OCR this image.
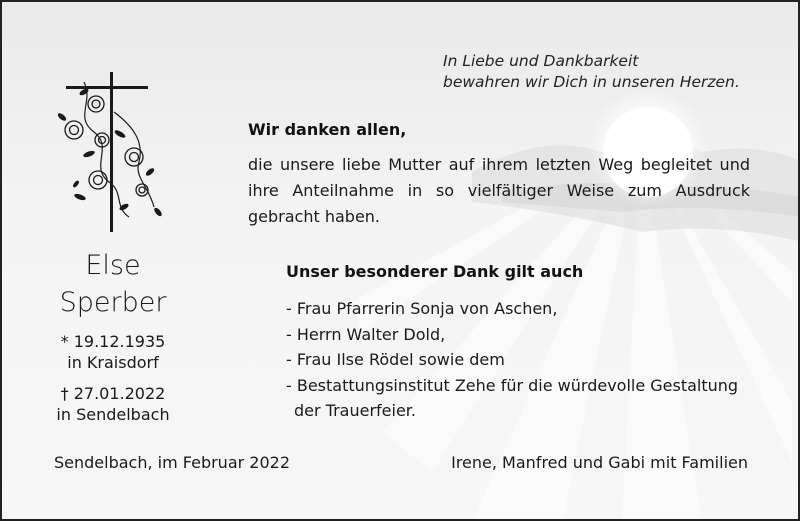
In Liebe und Dankbarkeit
bewahren wir Dich in unseren Herzen.
Else
Sperber
* 19.12.1935
in Kraisdorf
† 27.01.2022
in Sendelbach
Wir danken allen,
die unsere liebe Mutter auf ihrem letzten Weg begleitet und ihre Anteilnahme in so vielfältiger Weise zum Ausdruck gebracht haben.
Unser besonderer Dank gilt auch
- Frau Pfarrerin Sonja von Aschen,
- Herrn Walter Dold,
- Frau Ilse Rödel sowie dem
- Bestattungsinstitut Zehe für die würdevolle Gestaltung
der Trauerfeier.
Sendelbach, im Februar 2022	Irene, Manfred und Gabi mit Familien
